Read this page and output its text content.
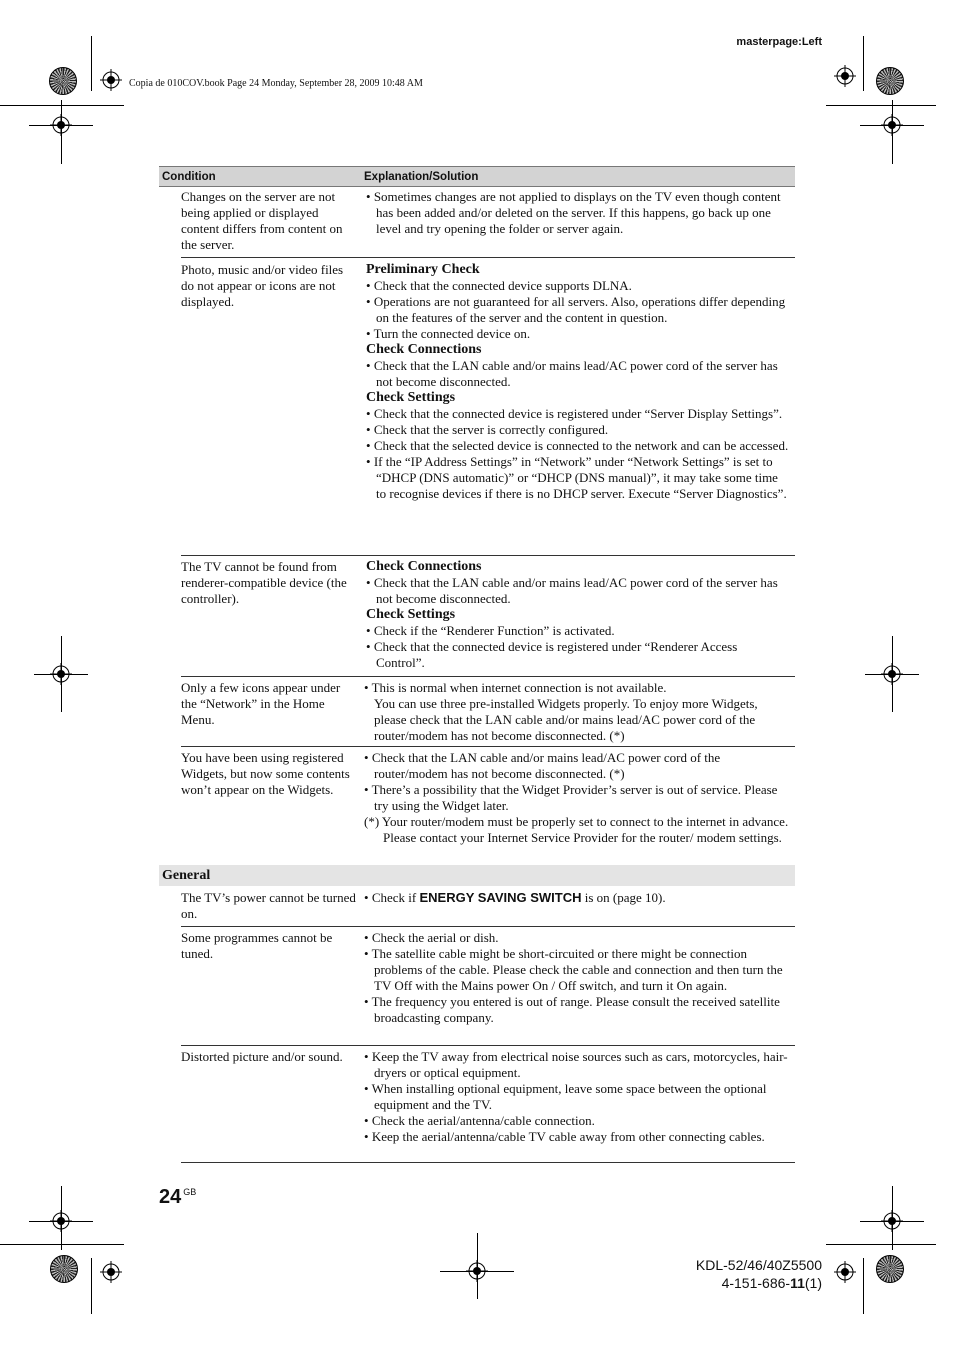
masterpage:Left
Copia de 010COV.book Page 24 Monday, September 28, 2009 10:48 AM
Condition	Explanation/Solution
Changes on the server are not being applied or displayed content differs from content on the server.
• Sometimes changes are not applied to displays on the TV even though content has been added and/or deleted on the server. If this happens, go back up one level and try opening the folder or server again.
Photo, music and/or video files do not appear or icons are not displayed.
Preliminary Check
• Check that the connected device supports DLNA.
• Operations are not guaranteed for all servers. Also, operations differ depending on the features of the server and the content in question.
• Turn the connected device on.
Check Connections
• Check that the LAN cable and/or mains lead/AC power cord of the server has not become disconnected.
Check Settings
• Check that the connected device is registered under “Server Display Settings”.
• Check that the server is correctly configured.
• Check that the selected device is connected to the network and can be accessed.
• If the “IP Address Settings” in “Network” under “Network Settings” is set to “DHCP (DNS automatic)” or “DHCP (DNS manual)”, it may take some time to recognise devices if there is no DHCP server. Execute “Server Diagnostics”.
The TV cannot be found from renderer-compatible device (the controller).
Check Connections
• Check that the LAN cable and/or mains lead/AC power cord of the server has not become disconnected.
Check Settings
• Check if the “Renderer Function” is activated.
• Check that the connected device is registered under “Renderer Access Control”.
Only a few icons appear under the “Network” in the Home Menu.
• This is normal when internet connection is not available.
You can use three pre-installed Widgets properly. To enjoy more Widgets, please check that the LAN cable and/or mains lead/AC power cord of the router/modem has not become disconnected. (*)
You have been using registered Widgets, but now some contents won’t appear on the Widgets.
• Check that the LAN cable and/or mains lead/AC power cord of the router/modem has not become disconnected. (*)
• There’s a possibility that the Widget Provider’s server is out of service. Please try using the Widget later.
(*) Your router/modem must be properly set to connect to the internet in advance. Please contact your Internet Service Provider for the router/ modem settings.
General
The TV’s power cannot be turned on.
• Check if ENERGY SAVING SWITCH is on (page 10).
Some programmes cannot be tuned.
• Check the aerial or dish.
• The satellite cable might be short-circuited or there might be connection problems of the cable. Please check the cable and connection and then turn the TV Off with the Mains power On / Off switch, and turn it On again.
• The frequency you entered is out of range. Please consult the received satellite broadcasting company.
Distorted picture and/or sound.
•	Keep the TV away from electrical noise sources such as cars, motorcycles, hair-dryers or optical equipment.
• When installing optional equipment, leave some space between the optional equipment and the TV.
• Check the aerial/antenna/cable connection.
• Keep the aerial/antenna/cable TV cable away from other connecting cables.
24 $^{GB}$
KDL-52/46/40Z5500
4-151-686-11(1)
